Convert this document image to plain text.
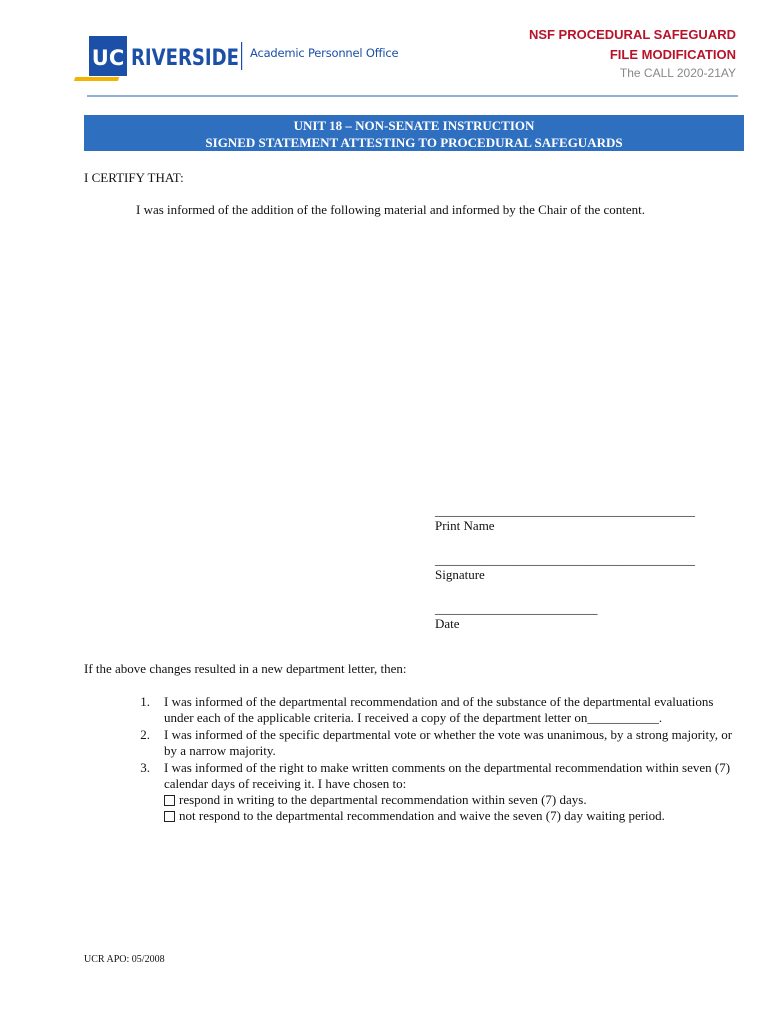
UC RIVERSIDE Academic Personnel Office
NSF PROCEDURAL SAFEGUARD
FILE MODIFICATION
The CALL 2020-21AY
UNIT 18 – NON-SENATE INSTRUCTION
SIGNED STATEMENT ATTESTING TO PROCEDURAL SAFEGUARDS
I CERTIFY THAT:
I was informed of the addition of the following material and informed by the Chair of the content.
________________________________________
Print Name
________________________________________
Signature
_________________________
Date
If the above changes resulted in a new department letter, then:
1. I was informed of the departmental recommendation and of the substance of the departmental evaluations under each of the applicable criteria. I received a copy of the department letter on___________.
2. I was informed of the specific departmental vote or whether the vote was unanimous, by a strong majority, or by a narrow majority.
3. I was informed of the right to make written comments on the departmental recommendation within seven (7) calendar days of receiving it. I have chosen to:
respond in writing to the departmental recommendation within seven (7) days.
not respond to the departmental recommendation and waive the seven (7) day waiting period.
UCR APO: 05/2008
